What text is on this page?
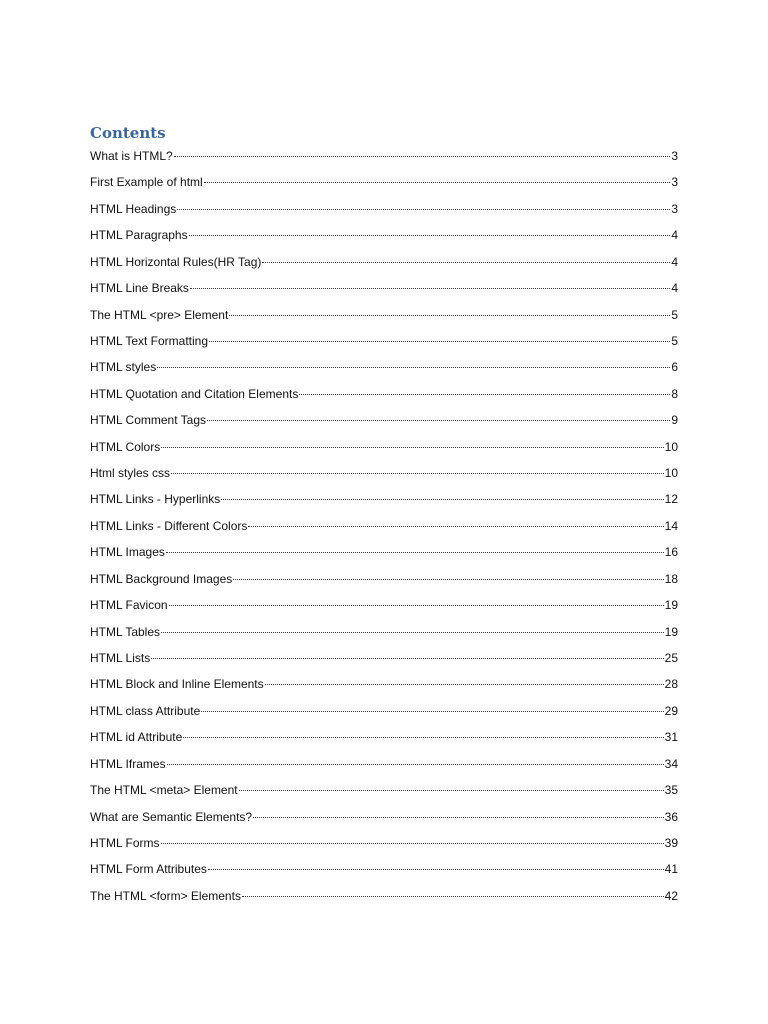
Contents
What is HTML?	3
First Example of html	3
HTML Headings	3
HTML Paragraphs	4
HTML Horizontal Rules(HR Tag)	4
HTML Line Breaks	4
The HTML <pre> Element	5
HTML Text Formatting	5
HTML styles	6
HTML Quotation and Citation Elements	8
HTML Comment Tags	9
HTML Colors	10
Html styles css	10
HTML Links - Hyperlinks	12
HTML Links - Different Colors	14
HTML Images	16
HTML Background Images	18
HTML Favicon	19
HTML Tables	19
HTML Lists	25
HTML Block and Inline Elements	28
HTML class Attribute	29
HTML id Attribute	31
HTML Iframes	34
The HTML <meta> Element	35
What are Semantic Elements?	36
HTML Forms	39
HTML Form Attributes	41
The HTML <form> Elements	42
